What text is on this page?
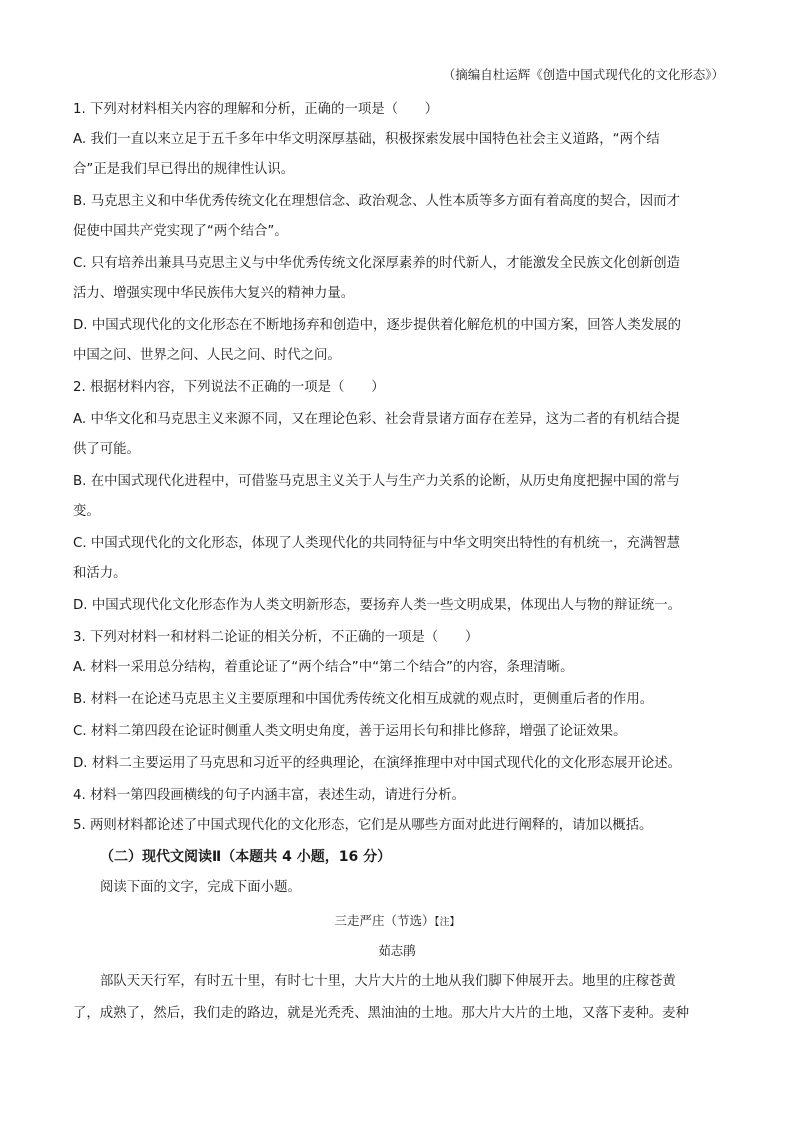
（摘编自杜运辉《创造中国式现代化的文化形态》）
1. 下列对材料相关内容的理解和分析，正确的一项是（　　）
A. 我们一直以来立足于五千多年中华文明深厚基础，积极探索发展中国特色社会主义道路，“两个结
合”正是我们早已得出的规律性认识。
B. 马克思主义和中华优秀传统文化在理想信念、政治观念、人性本质等多方面有着高度的契合，因而才
促使中国共产党实现了“两个结合”。
C. 只有培养出兼具马克思主义与中华优秀传统文化深厚素养的时代新人，才能激发全民族文化创新创造
活力、增强实现中华民族伟大复兴的精神力量。
D. 中国式现代化的文化形态在不断地扬弃和创造中，逐步提供着化解危机的中国方案，回答人类发展的
中国之问、世界之问、人民之问、时代之问。
2. 根据材料内容，下列说法不正确的一项是（　　）
A. 中华文化和马克思主义来源不同，又在理论色彩、社会背景诸方面存在差异，这为二者的有机结合提
供了可能。
B. 在中国式现代化进程中，可借鉴马克思主义关于人与生产力关系的论断，从历史角度把握中国的常与
变。
C. 中国式现代化的文化形态，体现了人类现代化的共同特征与中华文明突出特性的有机统一，充满智慧
和活力。
D. 中国式现代化文化形态作为人类文明新形态，要扬弃人类一些文明成果，体现出人与物的辩证统一。
3. 下列对材料一和材料二论证的相关分析，不正确的一项是（　　）
A. 材料一采用总分结构，着重论证了“两个结合”中“第二个结合”的内容，条理清晰。
B. 材料一在论述马克思主义主要原理和中国优秀传统文化相互成就的观点时，更侧重后者的作用。
C. 材料二第四段在论证时侧重人类文明史角度，善于运用长句和排比修辞，增强了论证效果。
D. 材料二主要运用了马克思和习近平的经典理论，在演绎推理中对中国式现代化的文化形态展开论述。
4. 材料一第四段画横线的句子内涵丰富，表述生动，请进行分析。
5. 两则材料都论述了中国式现代化的文化形态，它们是从哪些方面对此进行阐释的，请加以概括。
（二）现代文阅读Ⅱ（本题共 4 小题，16 分）
阅读下面的文字，完成下面小题。
三走严庄（节选）【注】
茹志鹃
部队天天行军，有时五十里，有时七十里，大片大片的土地从我们脚下伸展开去。地里的庄稼苍黄
了，成熟了，然后，我们走的路边，就是光秃秃、黑油油的土地。那大片大片的土地，又落下麦种。麦种
